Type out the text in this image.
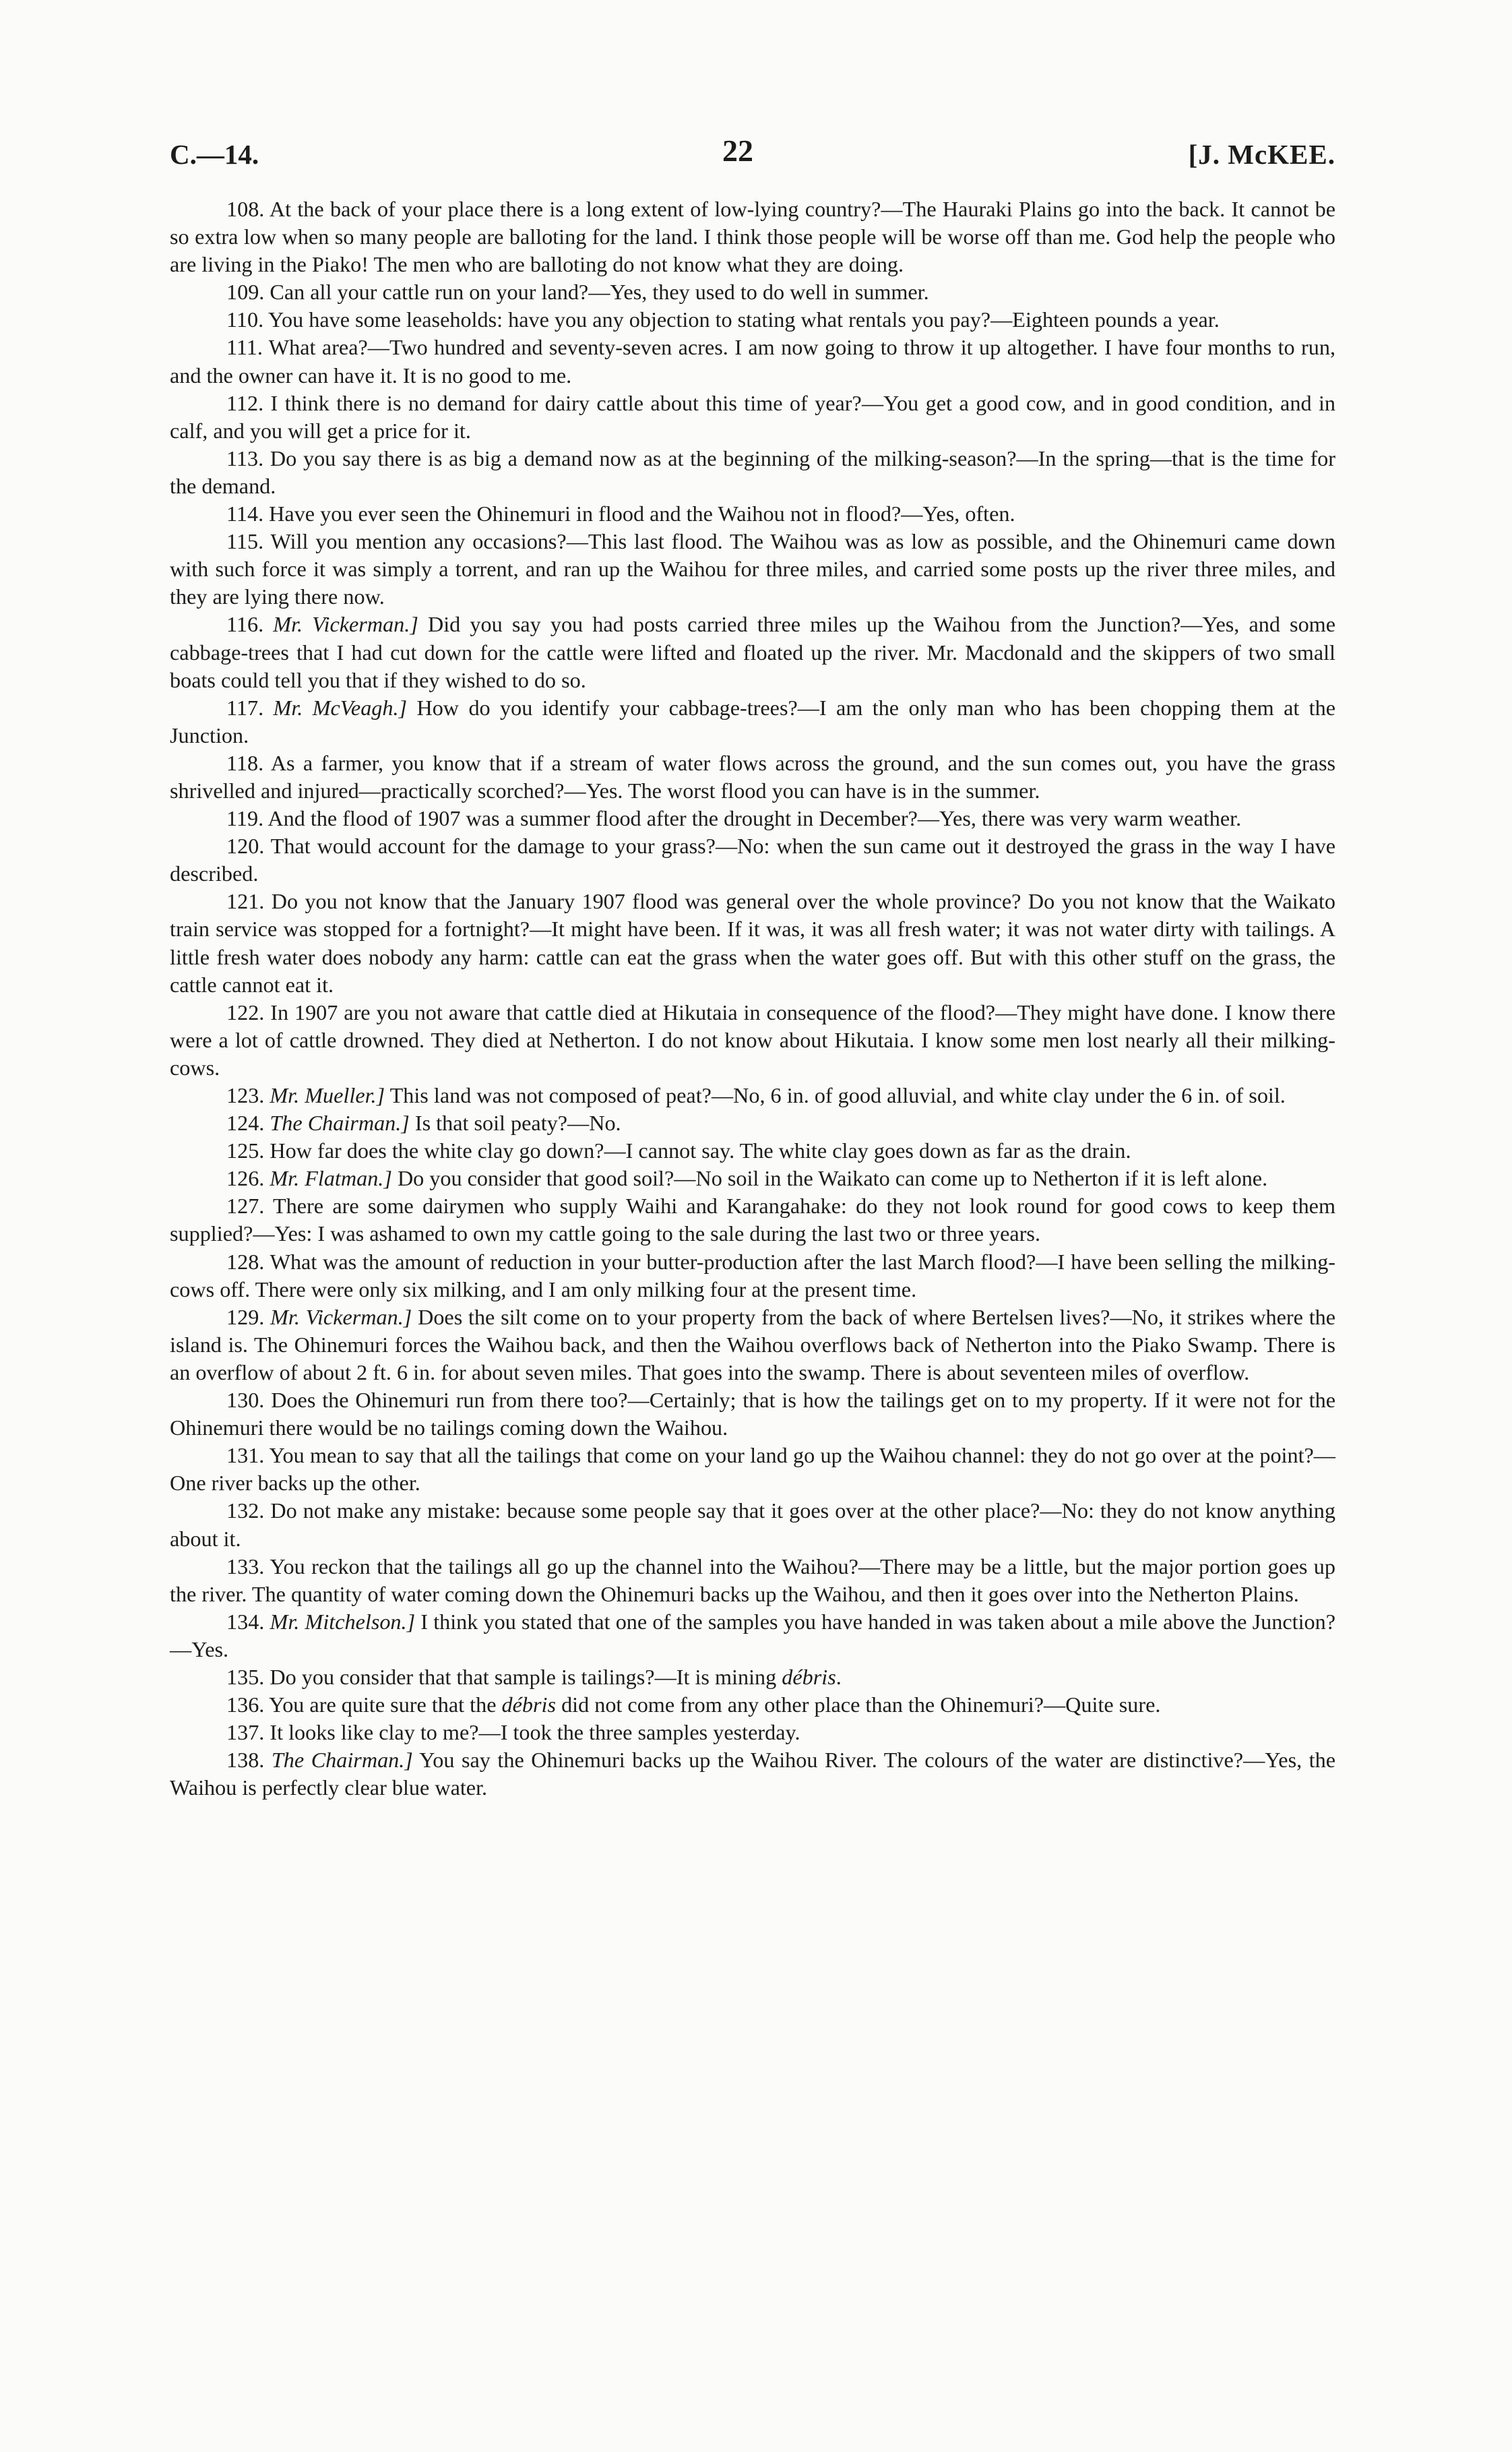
C.—14.	22	[J. McKEE.

108. At the back of your place there is a long extent of low-lying country?—The Hauraki Plains go into the back. It cannot be so extra low when so many people are balloting for the land. I think those people will be worse off than me. God help the people who are living in the Piako! The men who are balloting do not know what they are doing.

109. Can all your cattle run on your land?—Yes, they used to do well in summer.

110. You have some leaseholds: have you any objection to stating what rentals you pay?—Eighteen pounds a year.

111. What area?—Two hundred and seventy-seven acres. I am now going to throw it up altogether. I have four months to run, and the owner can have it. It is no good to me.

112. I think there is no demand for dairy cattle about this time of year?—You get a good cow, and in good condition, and in calf, and you will get a price for it.

113. Do you say there is as big a demand now as at the beginning of the milking-season?—In the spring—that is the time for the demand.

114. Have you ever seen the Ohinemuri in flood and the Waihou not in flood?—Yes, often.

115. Will you mention any occasions?—This last flood. The Waihou was as low as possible, and the Ohinemuri came down with such force it was simply a torrent, and ran up the Waihou for three miles, and carried some posts up the river three miles, and they are lying there now.

116. Mr. Vickerman.] Did you say you had posts carried three miles up the Waihou from the Junction?—Yes, and some cabbage-trees that I had cut down for the cattle were lifted and floated up the river. Mr. Macdonald and the skippers of two small boats could tell you that if they wished to do so.

117. Mr. McVeagh.] How do you identify your cabbage-trees?—I am the only man who has been chopping them at the Junction.

118. As a farmer, you know that if a stream of water flows across the ground, and the sun comes out, you have the grass shrivelled and injured—practically scorched?—Yes. The worst flood you can have is in the summer.

119. And the flood of 1907 was a summer flood after the drought in December?—Yes, there was very warm weather.

120. That would account for the damage to your grass?—No: when the sun came out it destroyed the grass in the way I have described.

121. Do you not know that the January 1907 flood was general over the whole province? Do you not know that the Waikato train service was stopped for a fortnight?—It might have been. If it was, it was all fresh water; it was not water dirty with tailings. A little fresh water does nobody any harm: cattle can eat the grass when the water goes off. But with this other stuff on the grass, the cattle cannot eat it.

122. In 1907 are you not aware that cattle died at Hikutaia in consequence of the flood?—They might have done. I know there were a lot of cattle drowned. They died at Netherton. I do not know about Hikutaia. I know some men lost nearly all their milking-cows.

123. Mr. Mueller.] This land was not composed of peat?—No, 6 in. of good alluvial, and white clay under the 6 in. of soil.

124. The Chairman.] Is that soil peaty?—No.

125. How far does the white clay go down?—I cannot say. The white clay goes down as far as the drain.

126. Mr. Flatman.] Do you consider that good soil?—No soil in the Waikato can come up to Netherton if it is left alone.

127. There are some dairymen who supply Waihi and Karangahake: do they not look round for good cows to keep them supplied?—Yes: I was ashamed to own my cattle going to the sale during the last two or three years.

128. What was the amount of reduction in your butter-production after the last March flood?—I have been selling the milking-cows off. There were only six milking, and I am only milking four at the present time.

129. Mr. Vickerman.] Does the silt come on to your property from the back of where Bertelsen lives?—No, it strikes where the island is. The Ohinemuri forces the Waihou back, and then the Waihou overflows back of Netherton into the Piako Swamp. There is an overflow of about 2 ft. 6 in. for about seven miles. That goes into the swamp. There is about seventeen miles of overflow.

130. Does the Ohinemuri run from there too?—Certainly; that is how the tailings get on to my property. If it were not for the Ohinemuri there would be no tailings coming down the Waihou.

131. You mean to say that all the tailings that come on your land go up the Waihou channel: they do not go over at the point?—One river backs up the other.

132. Do not make any mistake: because some people say that it goes over at the other place?—No: they do not know anything about it.

133. You reckon that the tailings all go up the channel into the Waihou?—There may be a little, but the major portion goes up the river. The quantity of water coming down the Ohinemuri backs up the Waihou, and then it goes over into the Netherton Plains.

134. Mr. Mitchelson.] I think you stated that one of the samples you have handed in was taken about a mile above the Junction?—Yes.

135. Do you consider that that sample is tailings?—It is mining débris.

136. You are quite sure that the débris did not come from any other place than the Ohinemuri?—Quite sure.

137. It looks like clay to me?—I took the three samples yesterday.

138. The Chairman.] You say the Ohinemuri backs up the Waihou River. The colours of the water are distinctive?—Yes, the Waihou is perfectly clear blue water.
